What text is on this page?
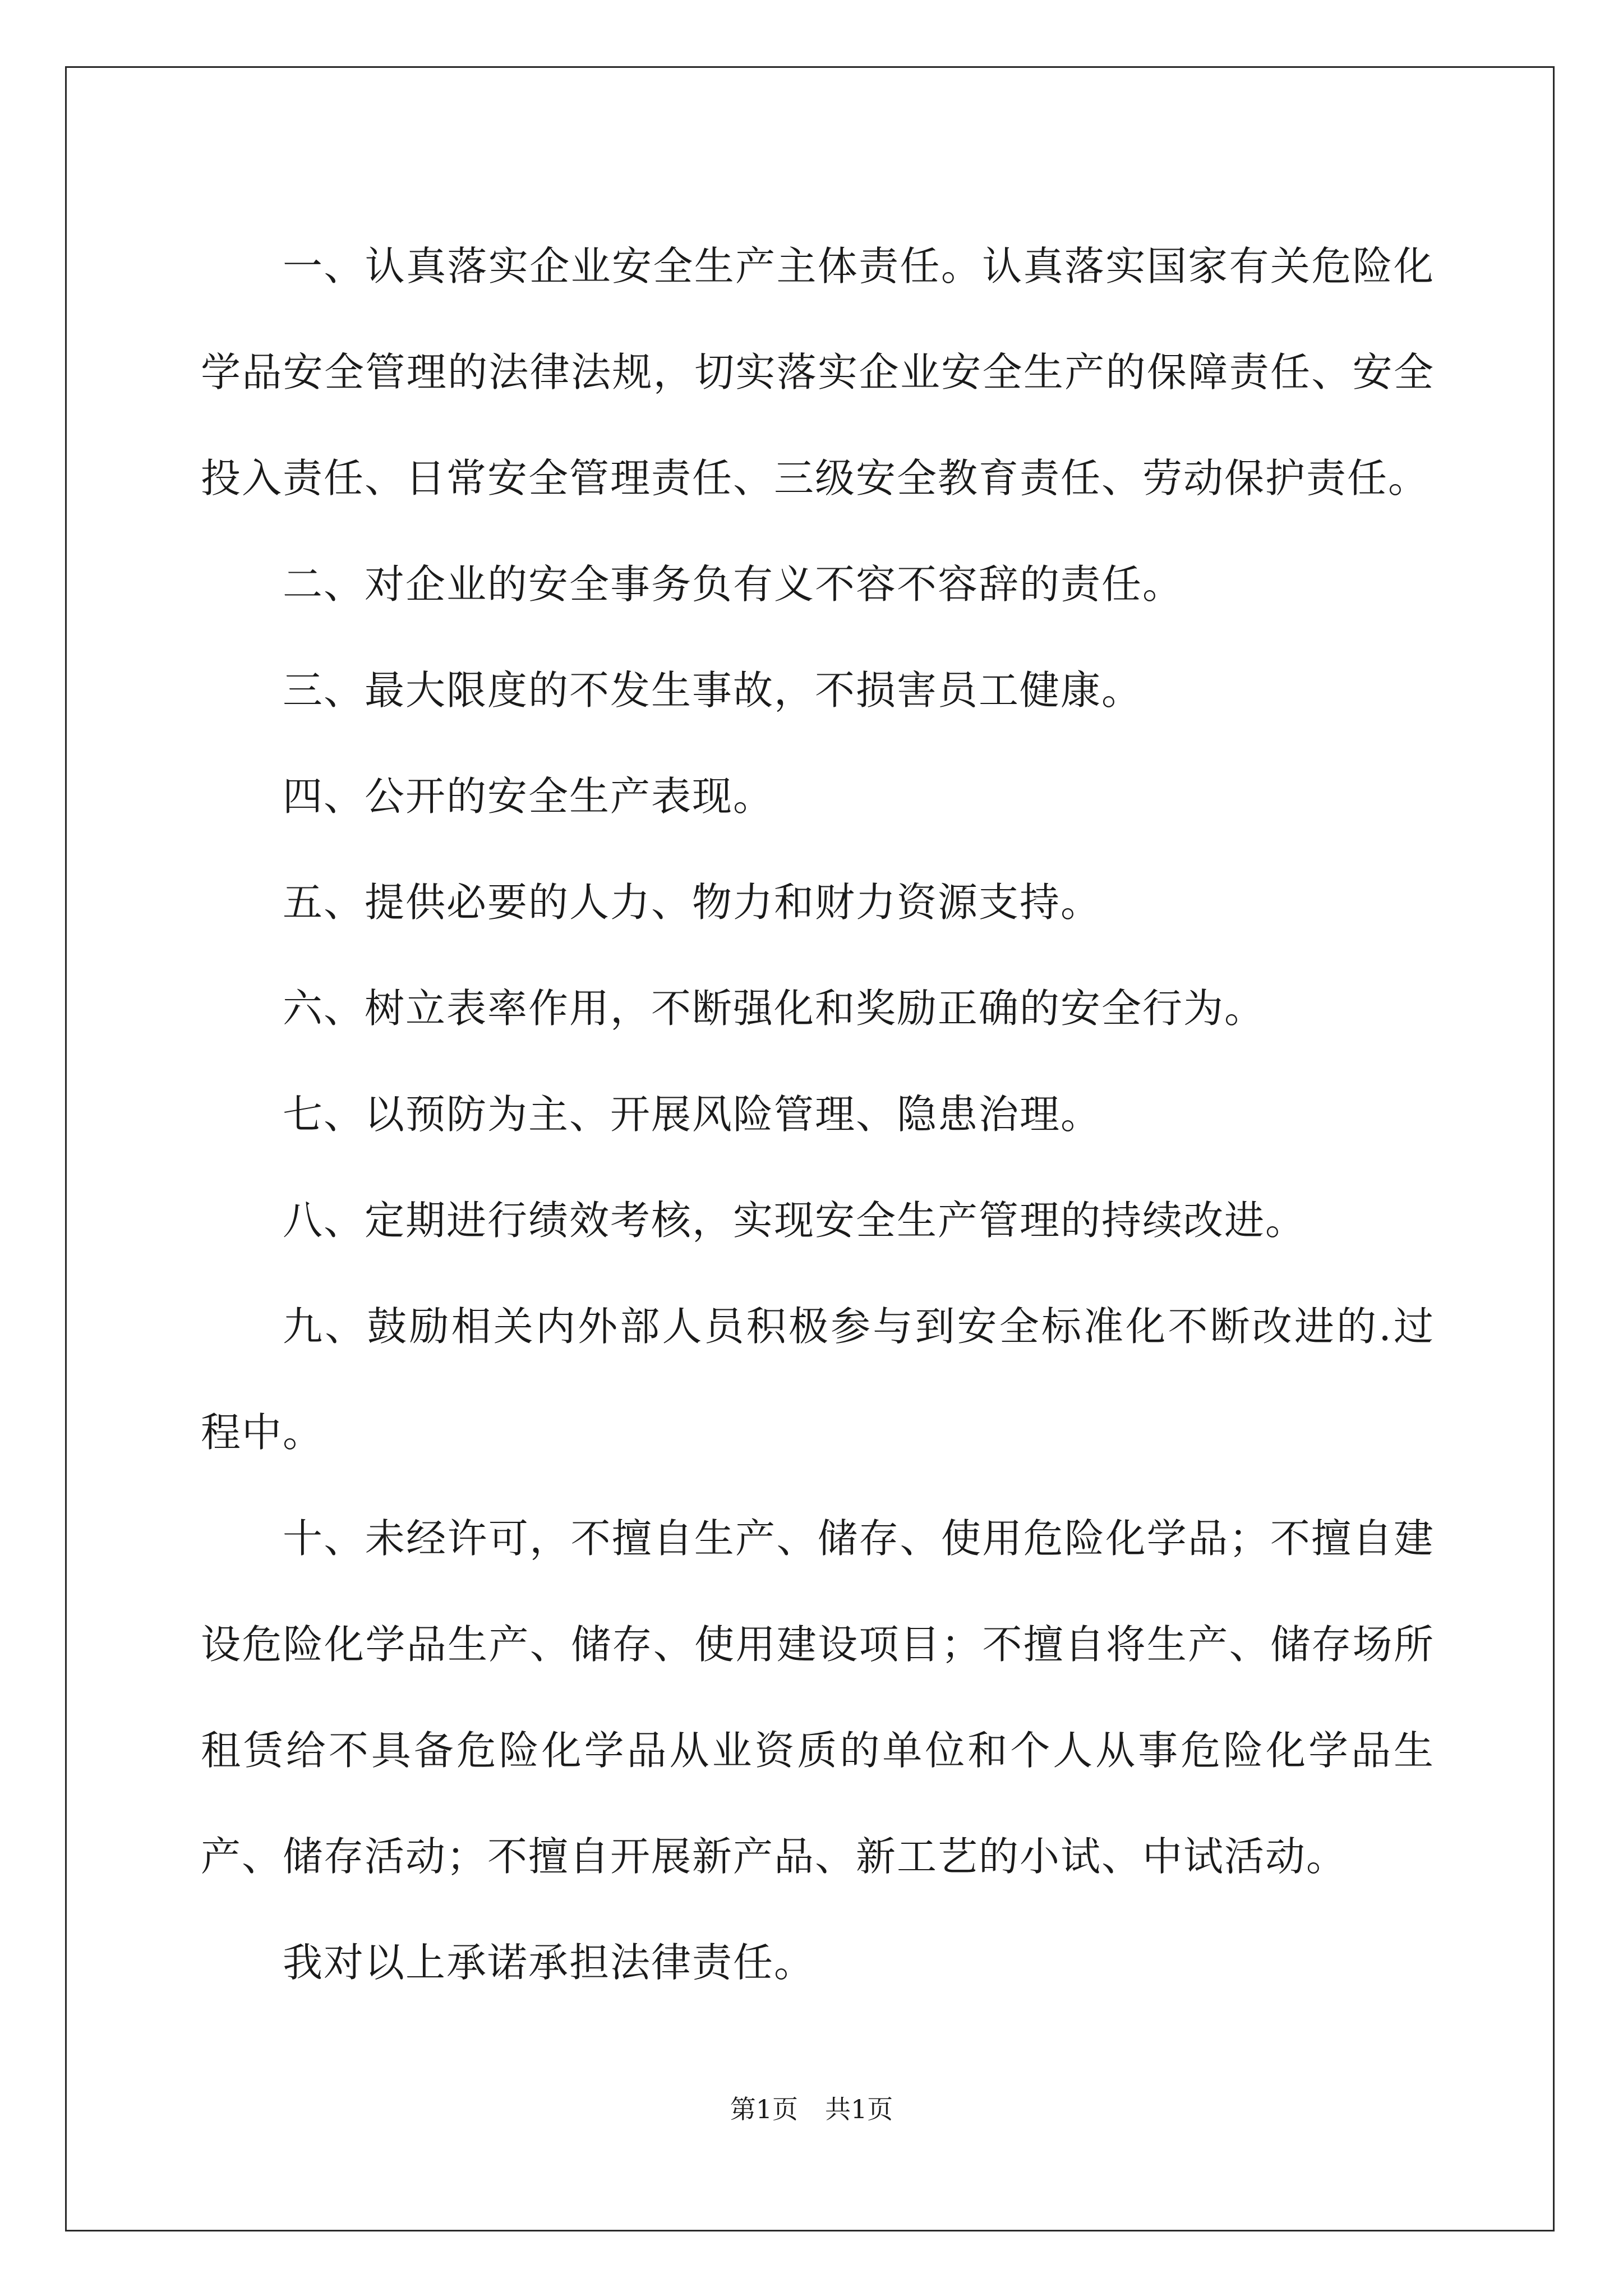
一、认真落实企业安全生产主体责任。认真落实国家有关危险化学品安全管理的法律法规，切实落实企业安全生产的保障责任、安全投入责任、日常安全管理责任、三级安全教育责任、劳动保护责任。

二、对企业的安全事务负有义不容不容辞的责任。

三、最大限度的不发生事故，不损害员工健康。

四、公开的安全生产表现。

五、提供必要的人力、物力和财力资源支持。

六、树立表率作用，不断强化和奖励正确的安全行为。

七、以预防为主、开展风险管理、隐患治理。

八、定期进行绩效考核，实现安全生产管理的持续改进。

九、鼓励相关内外部人员积极参与到安全标准化不断改进的.过程中。

十、未经许可，不擅自生产、储存、使用危险化学品；不擅自建设危险化学品生产、储存、使用建设项目；不擅自将生产、储存场所租赁给不具备危险化学品从业资质的单位和个人从事危险化学品生产、储存活动；不擅自开展新产品、新工艺的小试、中试活动。

我对以上承诺承担法律责任。

第1页 共1页
